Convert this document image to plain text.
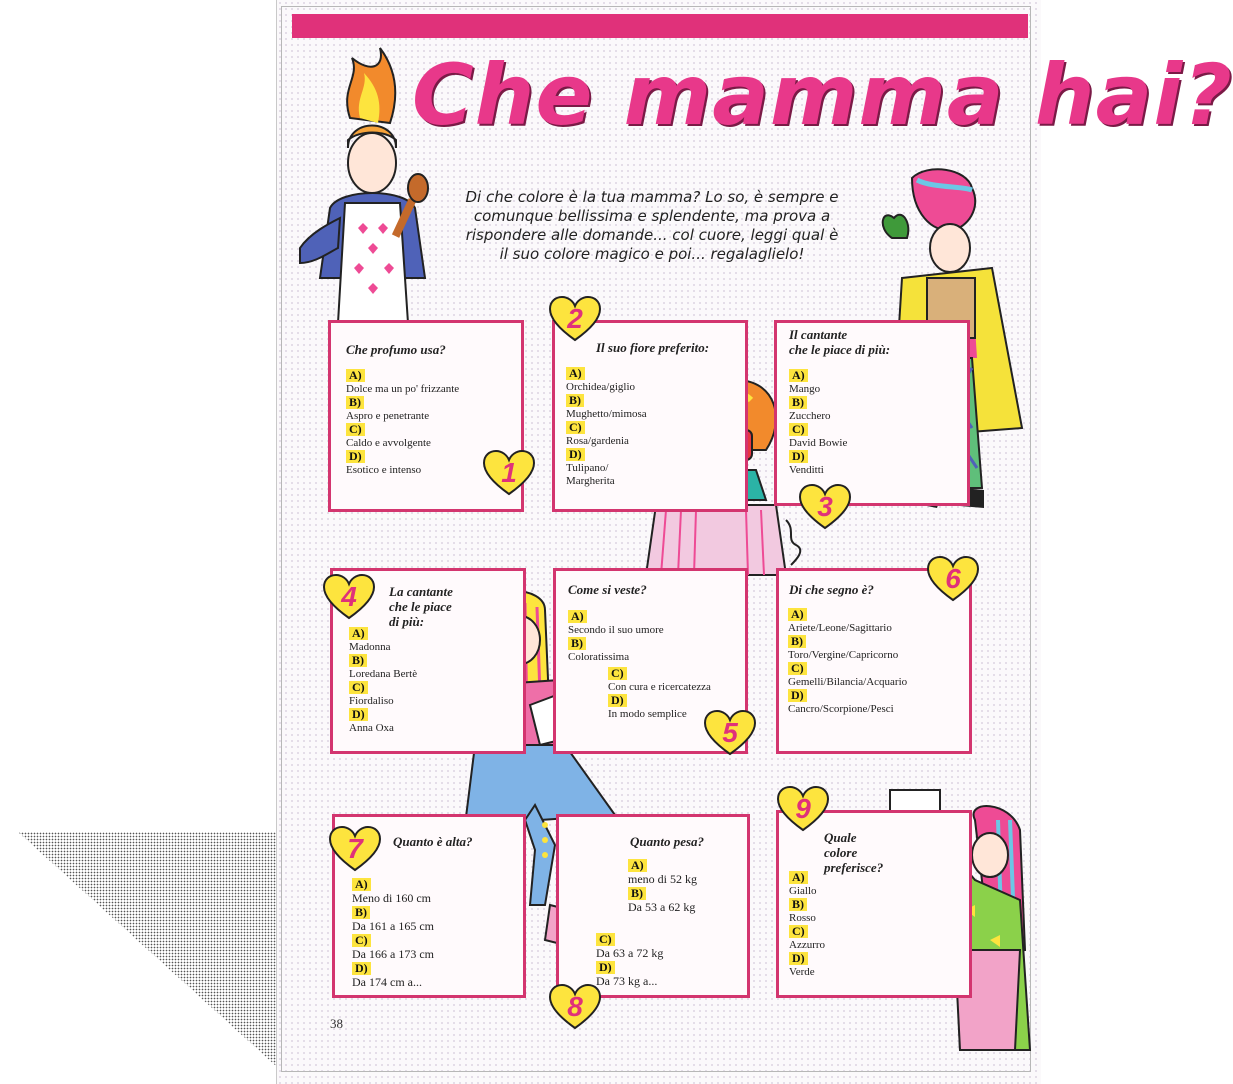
Che mamma hai?
Di che colore è la tua mamma? Lo so, è sempre e comunque bellissima e splendente, ma prova a rispondere alle domande... col cuore, leggi qual è il suo colore magico e poi... regalaglielo!
Che profumo usa?
A)
Dolce ma un po' frizzante
B)
Aspro e penetrante
C)
Caldo e avvolgente
D)
Esotico e intenso	1
2
Il suo fiore preferito:
A)
Orchidea/giglio
B)
Mughetto/mimosa
C)
Rosa/gardenia
D)
Tulipano/
Margherita
Il cantante
che le piace di più:
A)
Mango
B)
Zucchero
C)
David Bowie
D)
Venditti
3
4	La cantante
che le piace
di più:
A)
Madonna
B)
Loredana Bertè
C)
Fiordaliso
D)
Anna Oxa
Come si veste?
A)
Secondo il suo umore
B)
Coloratissima
C)
Con cura e ricercatezza
D)
In modo semplice
5
Di che segno è?	6
A)
Ariete/Leone/Sagittario
B)
Toro/Vergine/Capricorno
C)
Gemelli/Bilancia/Acquario
D)
Cancro/Scorpione/Pesci
7	Quanto è alta?
A)
Meno di 160 cm
B)
Da 161 a 165 cm
C)
Da 166 a 173 cm
D)
Da 174 cm a...
Quanto pesa?
A)
meno di 52 kg
B)
Da 53 a 62 kg
C)
Da 63 a 72 kg
D)
Da 73 kg a...
8
9
Quale
colore
preferisce?
A)
Giallo
B)
Rosso
C)
Azzurro
D)
Verde
38
